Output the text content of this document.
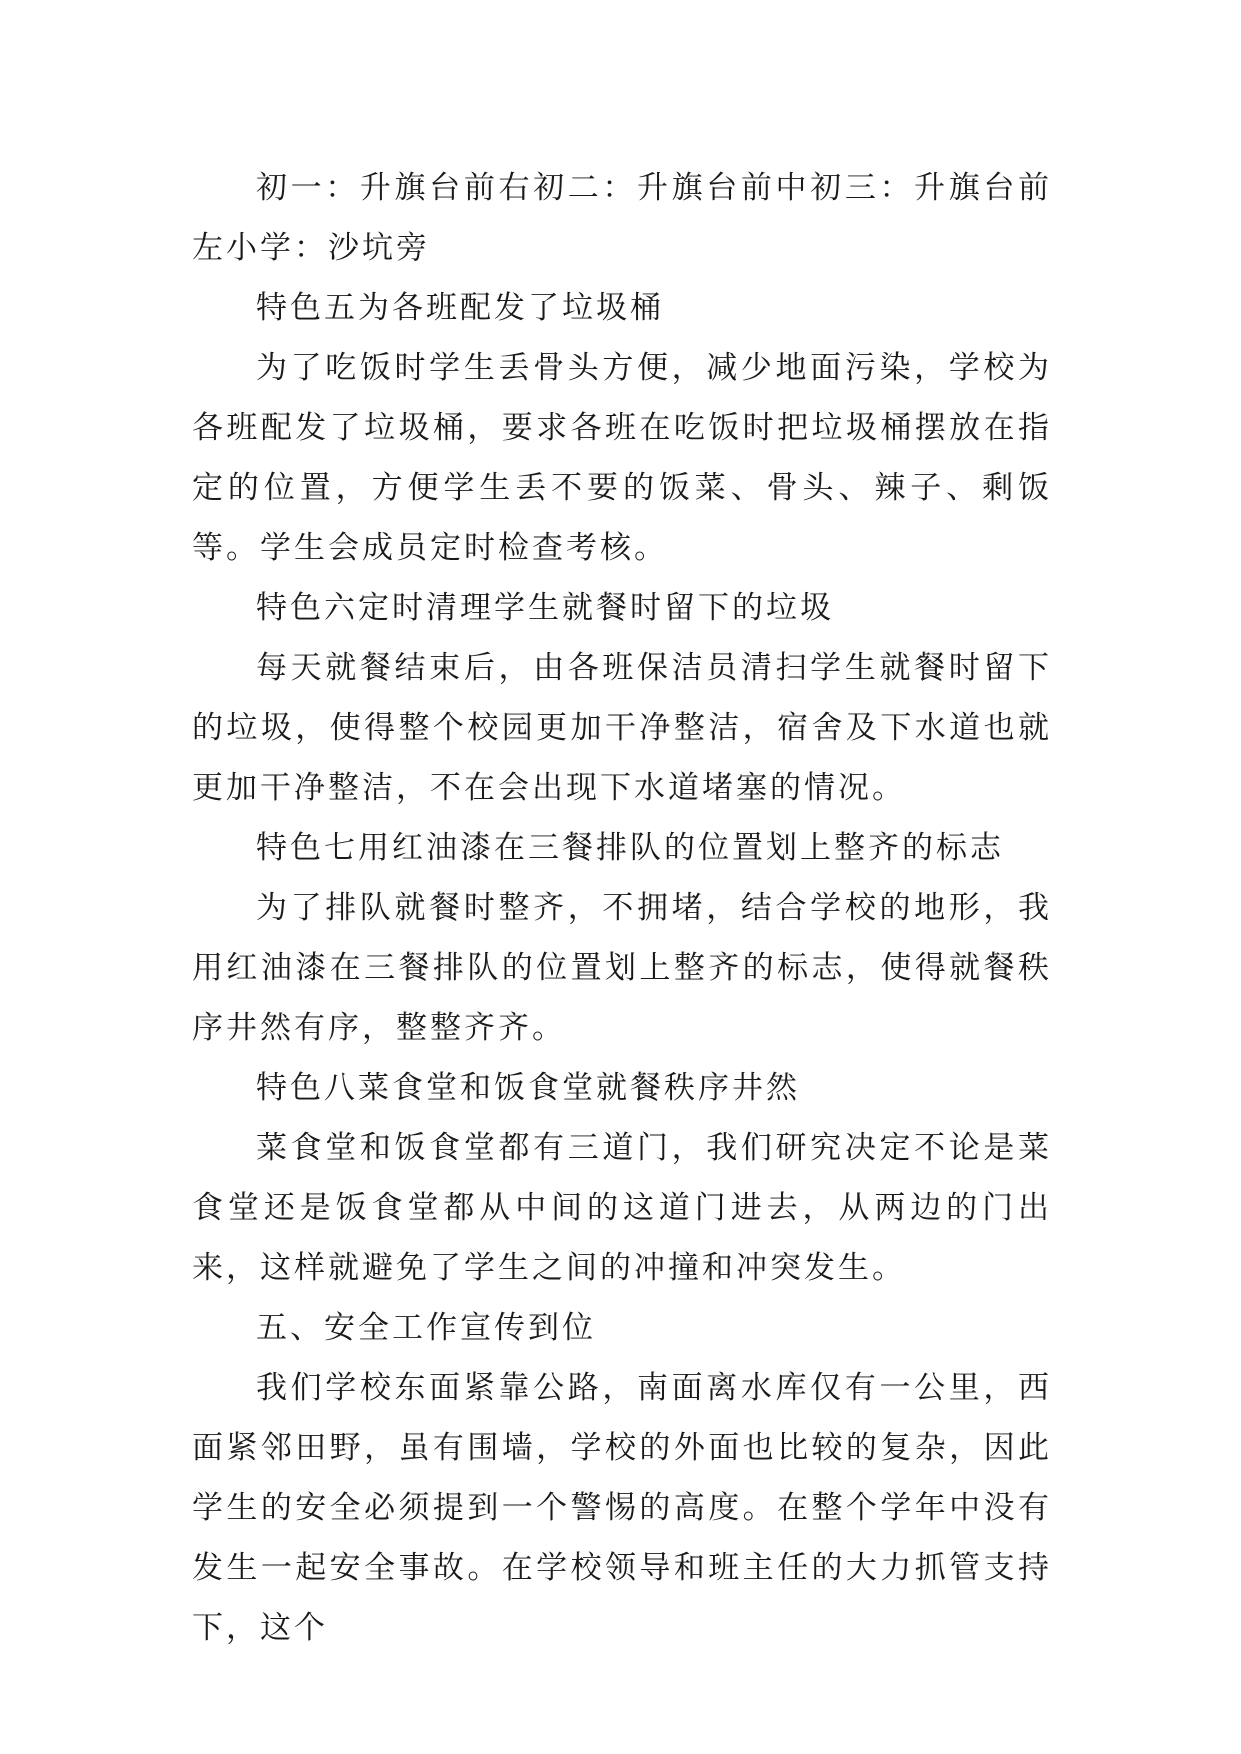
初一：升旗台前右初二：升旗台前中初三：升旗台前左小学：沙坑旁

特色五为各班配发了垃圾桶

为了吃饭时学生丢骨头方便，减少地面污染，学校为各班配发了垃圾桶，要求各班在吃饭时把垃圾桶摆放在指定的位置，方便学生丢不要的饭菜、骨头、辣子、剩饭等。学生会成员定时检查考核。

特色六定时清理学生就餐时留下的垃圾

每天就餐结束后，由各班保洁员清扫学生就餐时留下的垃圾，使得整个校园更加干净整洁，宿舍及下水道也就更加干净整洁，不在会出现下水道堵塞的情况。

特色七用红油漆在三餐排队的位置划上整齐的标志

为了排队就餐时整齐，不拥堵，结合学校的地形，我用红油漆在三餐排队的位置划上整齐的标志，使得就餐秩序井然有序，整整齐齐。

特色八菜食堂和饭食堂就餐秩序井然

菜食堂和饭食堂都有三道门，我们研究决定不论是菜食堂还是饭食堂都从中间的这道门进去，从两边的门出来，这样就避免了学生之间的冲撞和冲突发生。

五、安全工作宣传到位

我们学校东面紧靠公路，南面离水库仅有一公里，西面紧邻田野，虽有围墙，学校的外面也比较的复杂，因此学生的安全必须提到一个警惕的高度。在整个学年中没有发生一起安全事故。在学校领导和班主任的大力抓管支持下，这个
